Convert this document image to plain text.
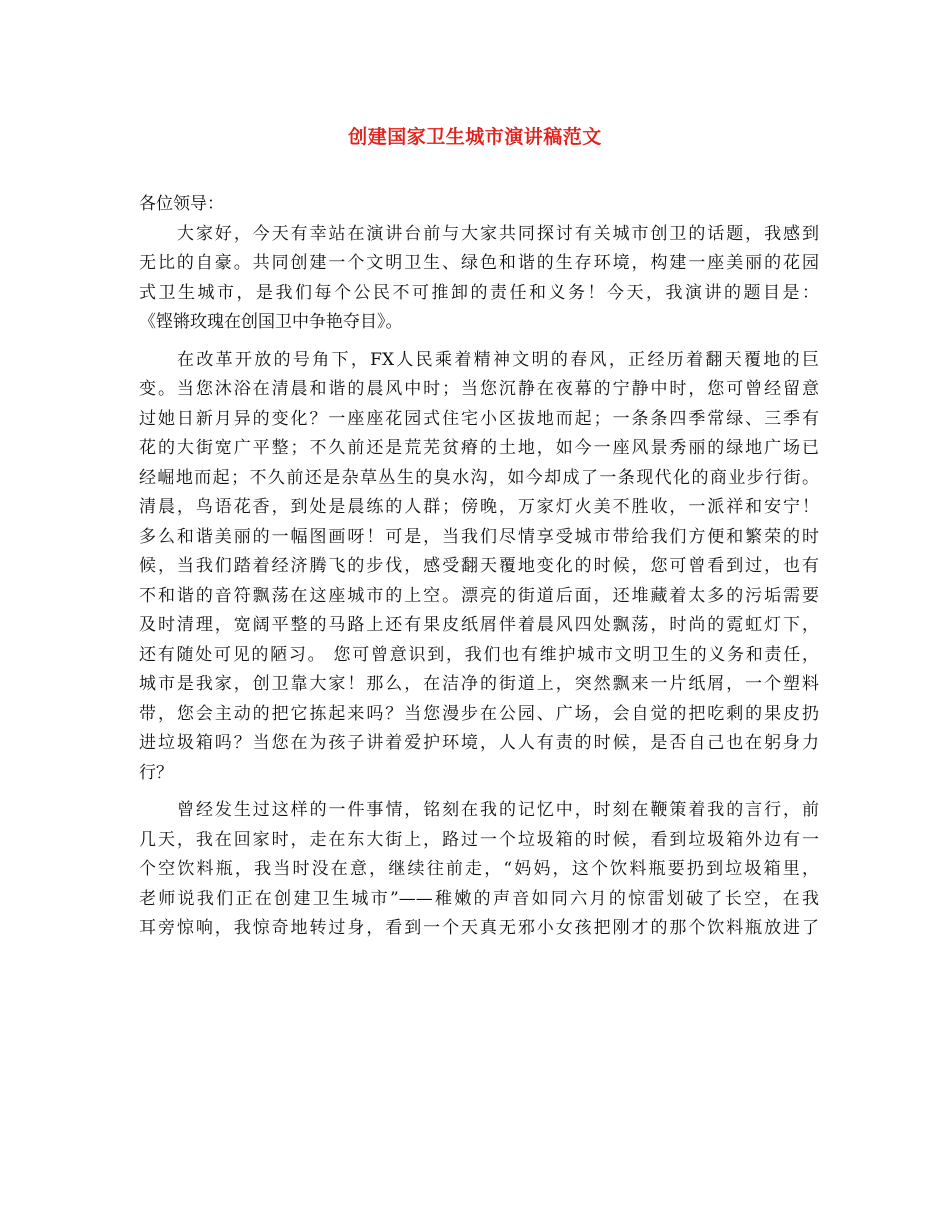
创建国家卫生城市演讲稿范文
各位领导：
大家好，今天有幸站在演讲台前与大家共同探讨有关城市创卫的话题，我感到
无比的自豪。共同创建一个文明卫生、绿色和谐的生存环境，构建一座美丽的花园
式卫生城市，是我们每个公民不可推卸的责任和义务！今天，我演讲的题目是：
《铿锵玫瑰在创国卫中争艳夺目》。
在改革开放的号角下，FX人民乘着精神文明的春风，正经历着翻天覆地的巨
变。当您沐浴在清晨和谐的晨风中时；当您沉静在夜幕的宁静中时，您可曾经留意
过她日新月异的变化？一座座花园式住宅小区拔地而起；一条条四季常绿、三季有
花的大街宽广平整；不久前还是荒芜贫瘠的土地，如今一座风景秀丽的绿地广场已
经崛地而起；不久前还是杂草丛生的臭水沟，如今却成了一条现代化的商业步行街。
清晨，鸟语花香，到处是晨练的人群；傍晚，万家灯火美不胜收，一派祥和安宁！
多么和谐美丽的一幅图画呀！可是，当我们尽情享受城市带给我们方便和繁荣的时
候，当我们踏着经济腾飞的步伐，感受翻天覆地变化的时候，您可曾看到过，也有
不和谐的音符飘荡在这座城市的上空。漂亮的街道后面，还堆藏着太多的污垢需要
及时清理，宽阔平整的马路上还有果皮纸屑伴着晨风四处飘荡，时尚的霓虹灯下，
还有随处可见的陋习。 您可曾意识到，我们也有维护城市文明卫生的义务和责任，
城市是我家，创卫靠大家！那么，在洁净的街道上，突然飘来一片纸屑，一个塑料
带，您会主动的把它拣起来吗？当您漫步在公园、广场，会自觉的把吃剩的果皮扔
进垃圾箱吗？当您在为孩子讲着爱护环境，人人有责的时候，是否自己也在躬身力
行？
曾经发生过这样的一件事情，铭刻在我的记忆中，时刻在鞭策着我的言行，前
几天，我在回家时，走在东大街上，路过一个垃圾箱的时候，看到垃圾箱外边有一
个空饮料瓶，我当时没在意，继续往前走，“妈妈，这个饮料瓶要扔到垃圾箱里，
老师说我们正在创建卫生城市”——稚嫩的声音如同六月的惊雷划破了长空，在我
耳旁惊响，我惊奇地转过身，看到一个天真无邪小女孩把刚才的那个饮料瓶放进了
